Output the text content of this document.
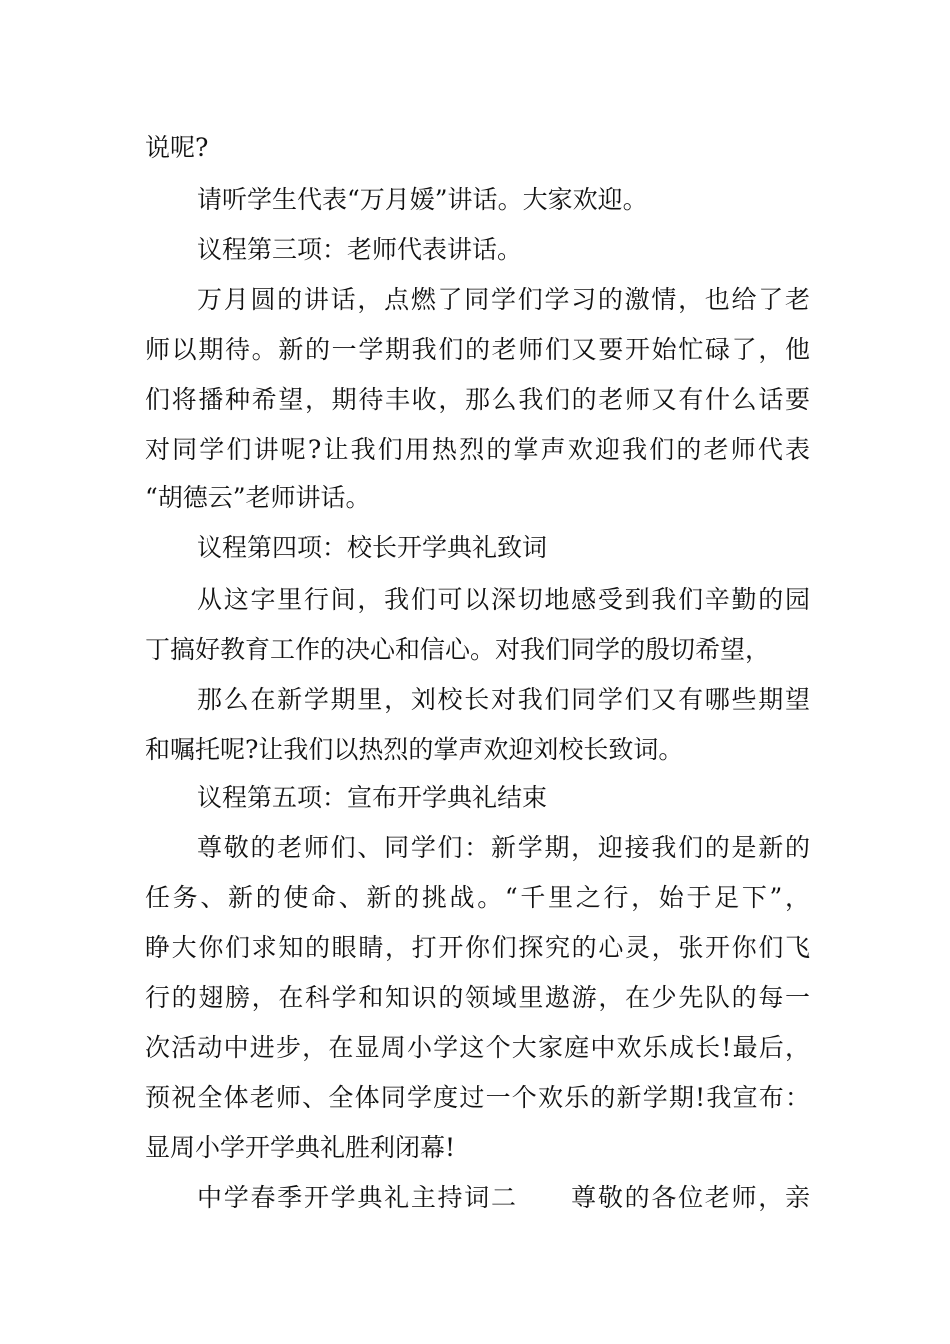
说呢?
请听学生代表“万月媛”讲话。大家欢迎。
议程第三项：老师代表讲话。
万月圆的讲话，点燃了同学们学习的激情，也给了老
师以期待。新的一学期我们的老师们又要开始忙碌了，他
们将播种希望，期待丰收，那么我们的老师又有什么话要
对同学们讲呢?让我们用热烈的掌声欢迎我们的老师代表
“胡德云”老师讲话。
议程第四项：校长开学典礼致词
从这字里行间，我们可以深切地感受到我们辛勤的园
丁搞好教育工作的决心和信心。对我们同学的殷切希望，
那么在新学期里，刘校长对我们同学们又有哪些期望
和嘱托呢?让我们以热烈的掌声欢迎刘校长致词。
议程第五项：宣布开学典礼结束
尊敬的老师们、同学们：新学期，迎接我们的是新的
任务、新的使命、新的挑战。“千里之行，始于足下”，
睁大你们求知的眼睛，打开你们探究的心灵，张开你们飞
行的翅膀，在科学和知识的领域里遨游，在少先队的每一
次活动中进步，在显周小学这个大家庭中欢乐成长!最后，
预祝全体老师、全体同学度过一个欢乐的新学期!我宣布：
显周小学开学典礼胜利闭幕!
中学春季开学典礼主持词二　　尊敬的各位老师，亲
